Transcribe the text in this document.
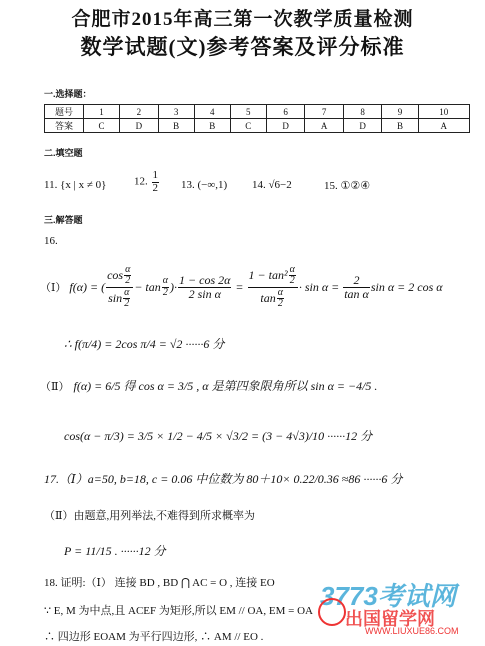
合肥市2015年高三第一次教学质量检测
数学试题(文)参考答案及评分标准
一.选择题：
题号	1	2	3	4	5	6	7	8	9	10
答案	C	D	B	B	C	D	A	D	B	A
二.填空题
11. {x | x ≠ 0}	12. $\frac{1}{2} 13$. (−∞,1) 14. √6−2	15. ①②④
三.解答题
16.
（Ⅰ） f(α) = ( $\frac{\cos \frac{\alpha}{2}}{\sin \frac{\alpha}{2}} - \tan \frac{\alpha}{2}$ )· $\frac{1 - \cos 2\alpha}{\text{2 sin α}} = \frac{1 - \tan^2 \frac{\alpha}{2}}{\tan \frac{\alpha}{2}} \cdot \sin \alpha = \frac{2}{\text{tan α}}$ sin α = 2 cos α
∴ f(π/4) = 2cos π/4 = √2 ······6 分
（Ⅱ） f(α) = 6/5 得 cos α = 3/5 , α 是第四象限角所以 sin α = −4/5 .
cos(α − π/3) = 3/5 × 1/2 − 4/5 × √3/2 = (3 − 4√3)/10 ······12 分
17.（Ⅰ）a=50, b=18, c = 0.06 中位数为 80＋10× 0.22/0.36 ≈86 ······6 分
（Ⅱ）由题意,用列举法,不难得到所求概率为
P = 11/15 . ······12 分
18. 证明:（Ⅰ） 连接 BD , BD ⋂ AC = O , 连接 EO
∵ E, M 为中点,且 ACEF 为矩形,所以 EM // OA, EM = OA
∴ 四边形 EOAM 为平行四边形, ∴ AM // EO .
3773考试网
出国留学网
WWW.LIUXUE86.COM
